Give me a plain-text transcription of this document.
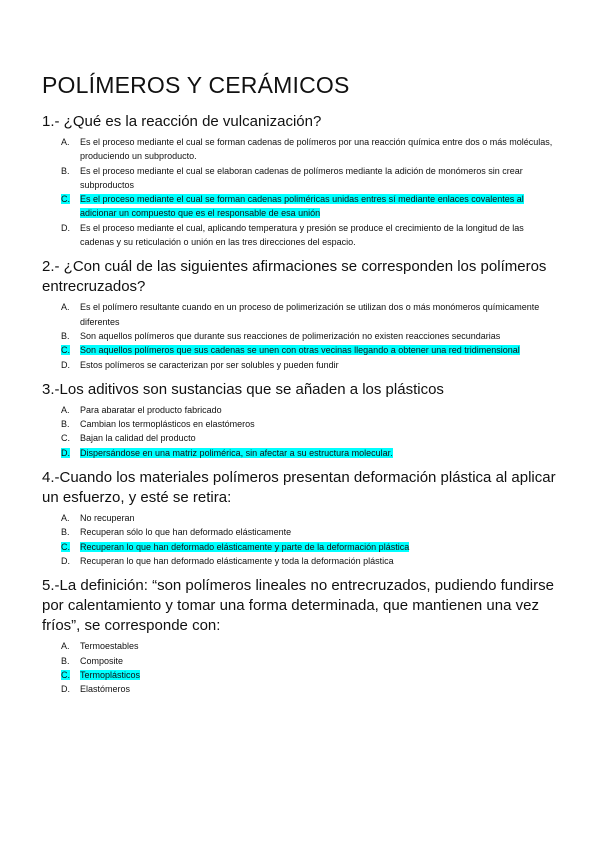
POLÍMEROS Y CERÁMICOS

1.- ¿Qué es la reacción de vulcanización?

A.	Es el proceso mediante el cual se forman cadenas de polímeros por una reacción química entre dos o más moléculas, produciendo un subproducto.
B.	Es el proceso mediante el cual se elaboran cadenas de polímeros mediante la adición de monómeros sin crear subproductos
C.	Es el proceso mediante el cual se forman cadenas poliméricas unidas entres sí mediante enlaces covalentes al adicionar un compuesto que es el responsable de esa unión
D.	Es el proceso mediante el cual, aplicando temperatura y presión se produce el crecimiento de la longitud de las cadenas y su reticulación o unión en las tres direcciones del espacio.

2.- ¿Con cuál de las siguientes afirmaciones se corresponden los polímeros entrecruzados?

A.	Es el polímero resultante cuando en un proceso de polimerización se utilizan dos o más monómeros químicamente diferentes
B.	Son aquellos polímeros que durante sus reacciones de polimerización no existen reacciones secundarias
C.	Son aquellos polímeros que sus cadenas se unen con otras vecinas llegando a obtener una red tridimensional
D.	Estos polímeros se caracterizan por ser solubles y pueden fundir

3.-Los aditivos son sustancias que se añaden a los plásticos

A.	Para abaratar el producto fabricado
B.	Cambian los termoplásticos en elastómeros
C.	Bajan la calidad del producto
D.	Dispersándose en una matriz polimérica, sin afectar a su estructura molecular.

4.-Cuando los materiales polímeros presentan deformación plástica al aplicar un esfuerzo, y esté se retira:

A.	No recuperan
B.	Recuperan sólo lo que han deformado elásticamente
C.	Recuperan lo que han deformado elásticamente y parte de la deformación plástica
D.	Recuperan lo que han deformado elásticamente y toda la deformación plástica

5.-La definición: “son polímeros lineales no entrecruzados, pudiendo fundirse por calentamiento y tomar una forma determinada, que mantienen una vez fríos”, se corresponde con:

A.	Termoestables
B.	Composite
C.	Termoplásticos
D.	Elastómeros
